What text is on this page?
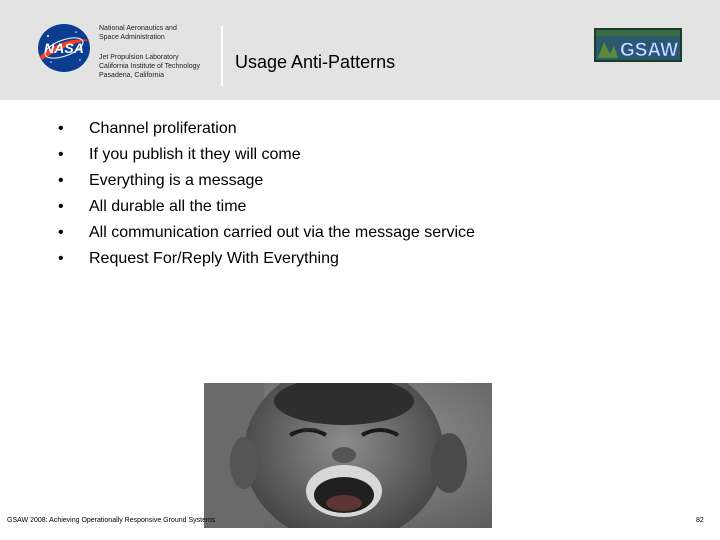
NASA
National Aeronautics and
Space Administration
Jet Propulsion Laboratory
California Institute of Technology
Pasadena, California
Usage Anti-Patterns
GSAW
• Channel proliferation
• If you publish it they will come
• Everything is a message
• All durable all the time
• All communication carried out via the message service
• Request For/Reply With Everything
GSAW 2008: Achieving Operationally Responsive Ground Systems	82
